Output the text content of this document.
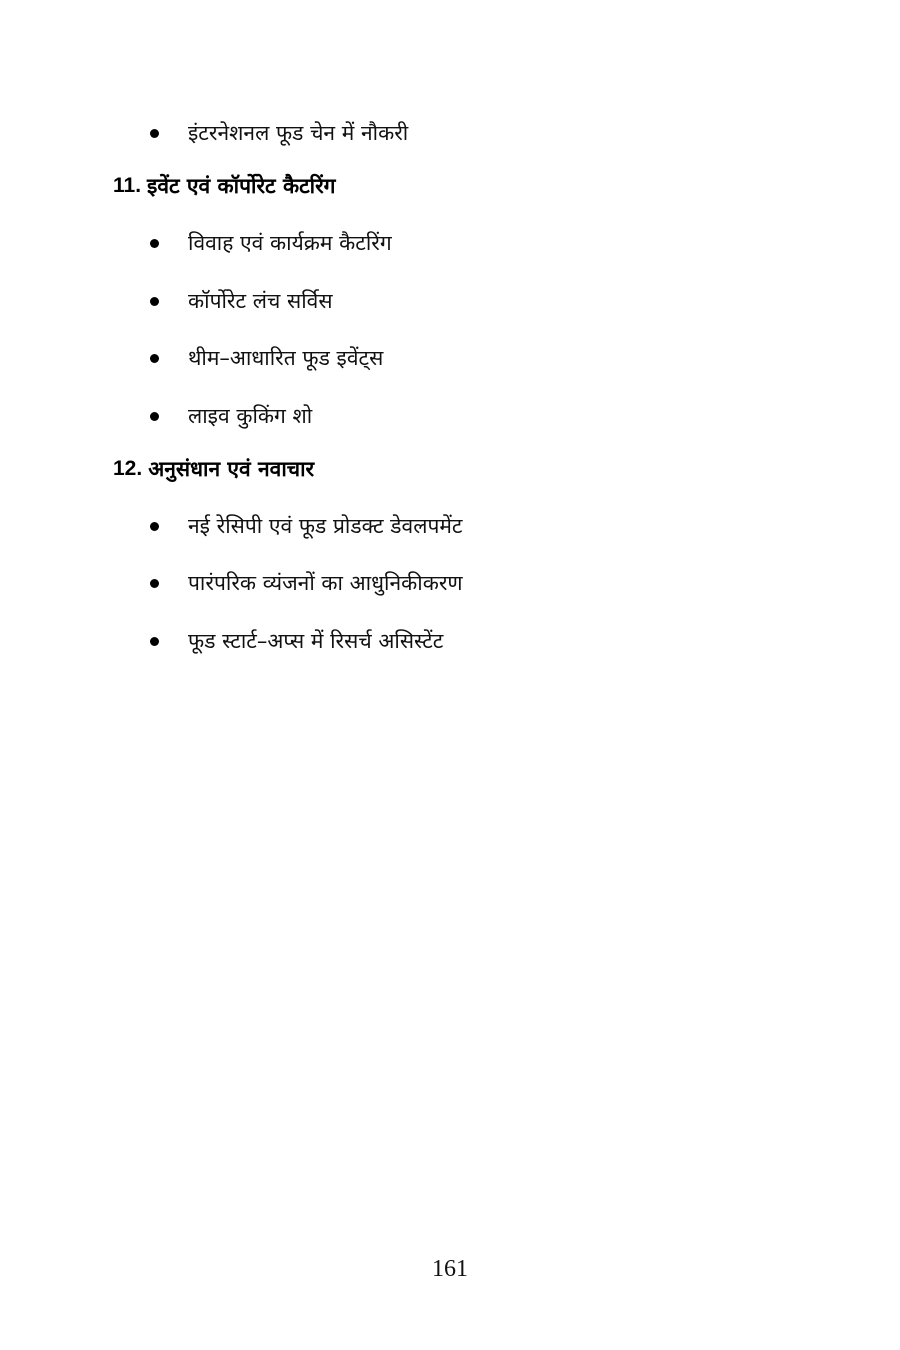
इंटरनेशनल फूड चेन में नौकरी
11. इवेंट एवं कॉर्पोरेट कैटरिंग
विवाह एवं कार्यक्रम कैटरिंग
कॉर्पोरेट लंच सर्विस
थीम–आधारित फूड इवेंट्स
लाइव कुकिंग शो
12. अनुसंधान एवं नवाचार
नई रेसिपी एवं फूड प्रोडक्ट डेवलपमेंट
पारंपरिक व्यंजनों का आधुनिकीकरण
फूड स्टार्ट–अप्स में रिसर्च असिस्टेंट
161
